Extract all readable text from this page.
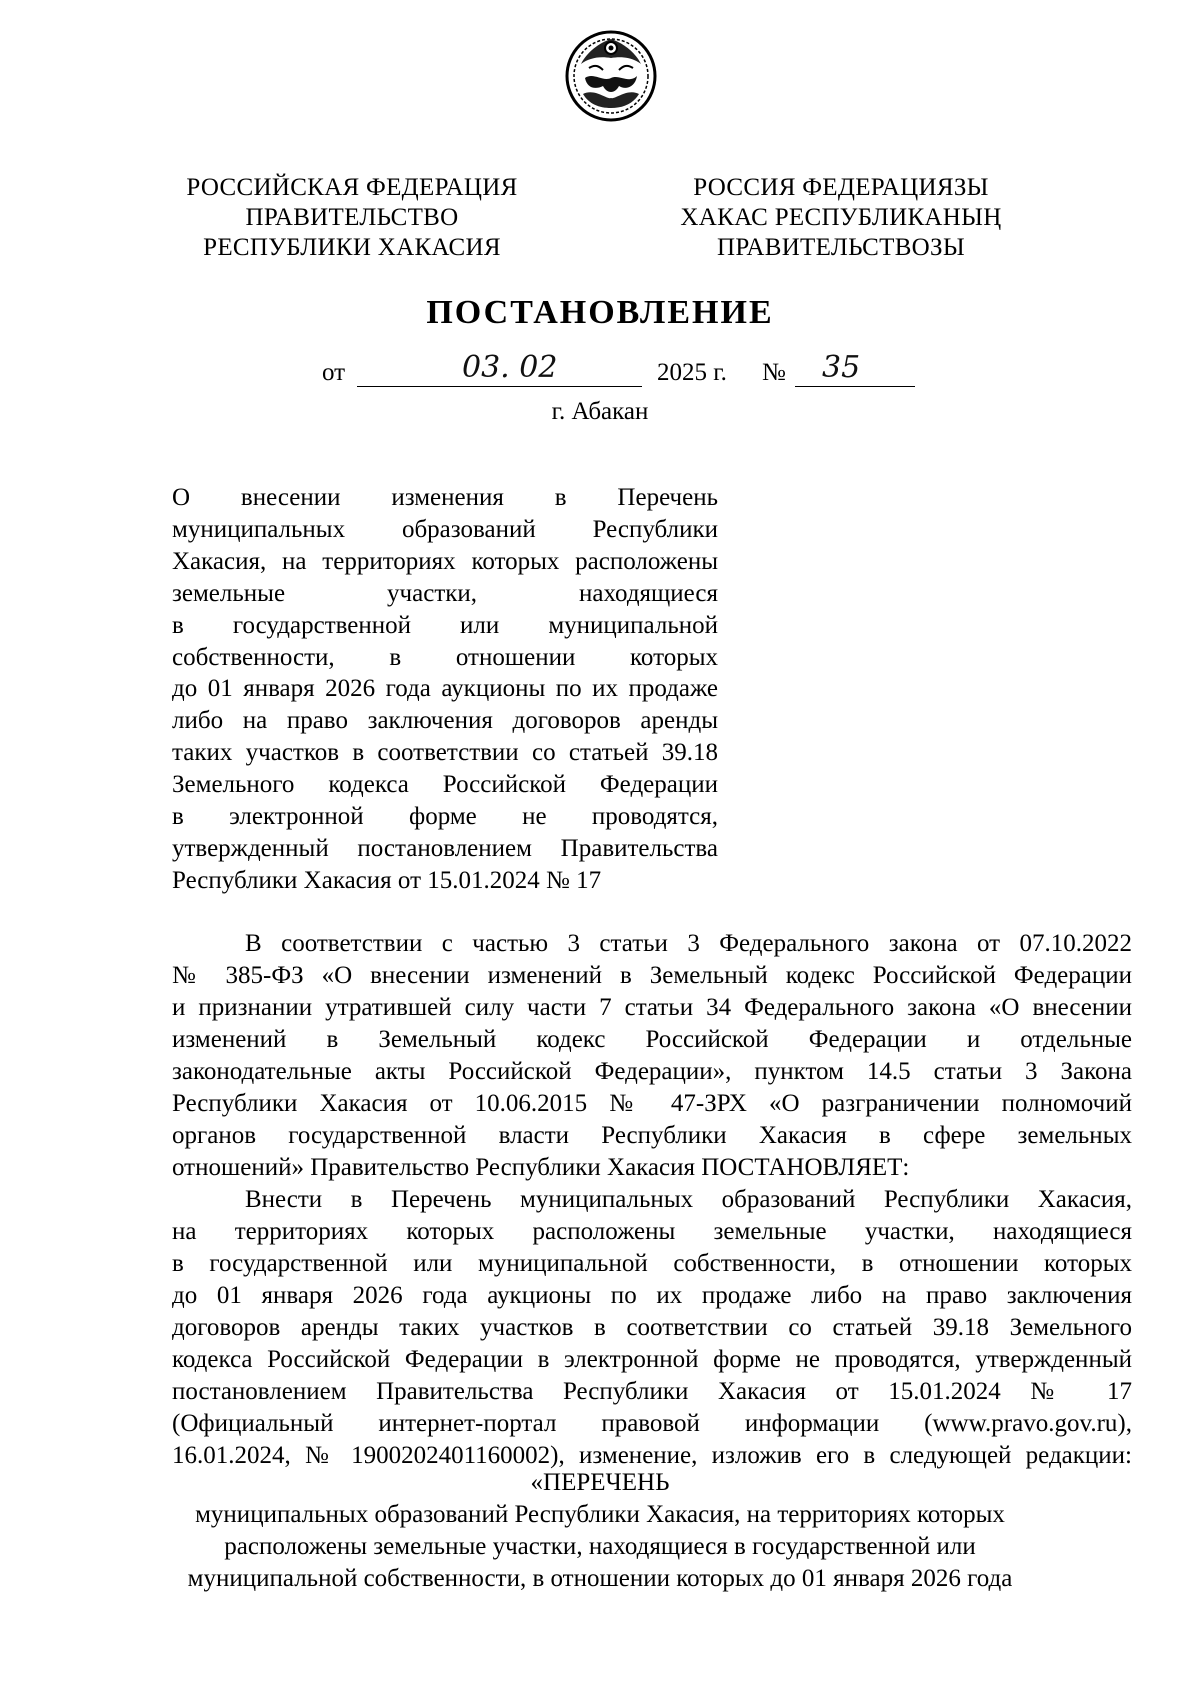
РОССИЙСКАЯ ФЕДЕРАЦИЯ
ПРАВИТЕЛЬСТВО
РЕСПУБЛИКИ ХАКАСИЯ
РОССИЯ ФЕДЕРАЦИЯЗЫ
ХАКАС РЕСПУБЛИКАНЫҢ
ПРАВИТЕЛЬСТВОЗЫ
ПОСТАНОВЛЕНИЕ
от	03. 02	2025 г. № 35
г. Абакан
О внесении изменения в Перечень
муниципальных образований Республики
Хакасия, на территориях которых расположены
земельные участки, находящиеся
в государственной или муниципальной
собственности, в отношении которых
до 01 января 2026 года аукционы по их продаже
либо на право заключения договоров аренды
таких участков в соответствии со статьей 39.18
Земельного кодекса Российской Федерации
в электронной форме не проводятся,
утвержденный постановлением Правительства
Республики Хакасия от 15.01.2024 № 17
В соответствии с частью 3 статьи 3 Федерального закона от 07.10.2022
№ 385-ФЗ «О внесении изменений в Земельный кодекс Российской Федерации
и признании утратившей силу части 7 статьи 34 Федерального закона «О внесении
изменений в Земельный кодекс Российской Федерации и отдельные
законодательные акты Российской Федерации», пунктом 14.5 статьи 3 Закона
Республики Хакасия от 10.06.2015 № 47-ЗРХ «О разграничении полномочий
органов государственной власти Республики Хакасия в сфере земельных
отношений» Правительство Республики Хакасия ПОСТАНОВЛЯЕТ:
Внести в Перечень муниципальных образований Республики Хакасия,
на территориях которых расположены земельные участки, находящиеся
в государственной или муниципальной собственности, в отношении которых
до 01 января 2026 года аукционы по их продаже либо на право заключения
договоров аренды таких участков в соответствии со статьей 39.18 Земельного
кодекса Российской Федерации в электронной форме не проводятся, утвержденный
постановлением Правительства Республики Хакасия от 15.01.2024 № 17
(Официальный интернет-портал правовой информации (www.pravo.gov.ru),
16.01.2024, № 1900202401160002), изменение, изложив его в следующей редакции:
«ПЕРЕЧЕНЬ
муниципальных образований Республики Хакасия, на территориях которых
расположены земельные участки, находящиеся в государственной или
муниципальной собственности, в отношении которых до 01 января 2026 года
